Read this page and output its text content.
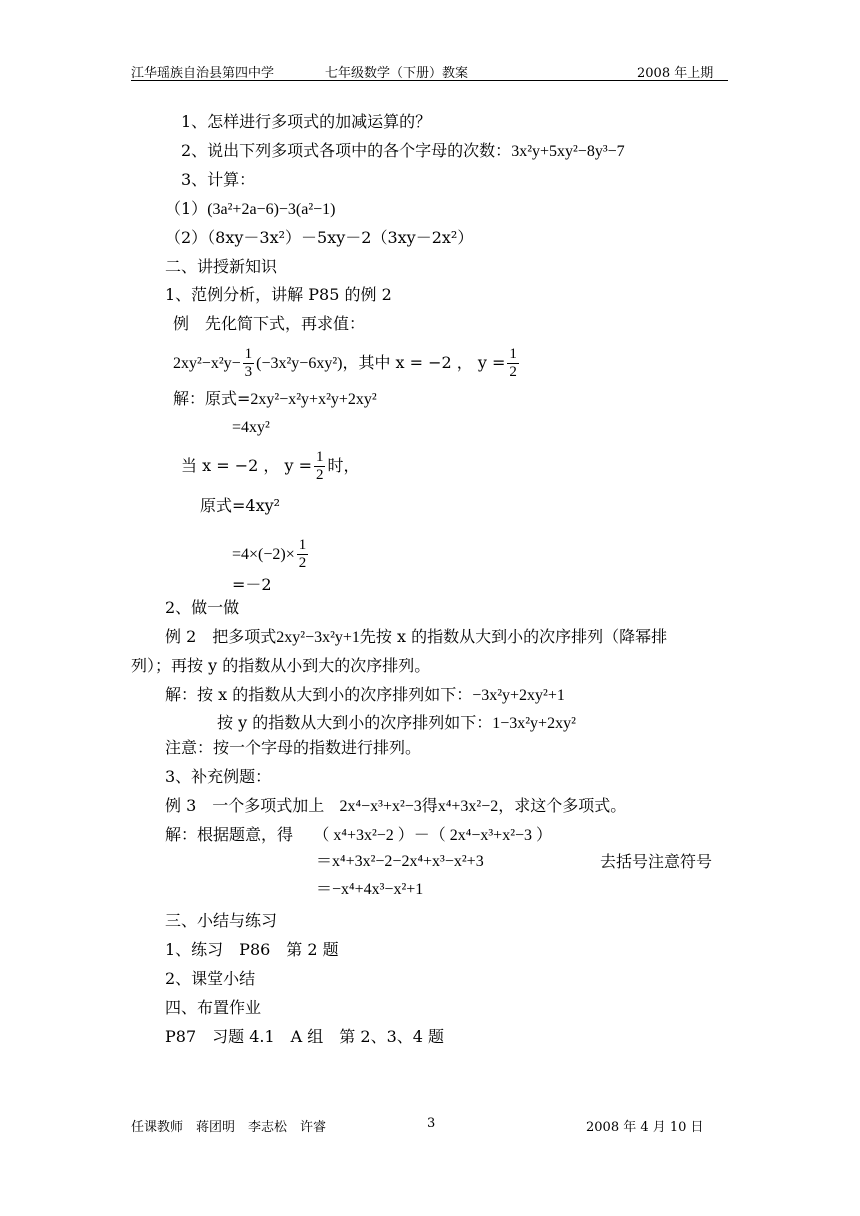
江华瑶族自治县第四中学	七年级数学（下册）教案	2008 年上期
1、怎样进行多项式的加减运算的？
2、说出下列多项式各项中的各个字母的次数：3x²y+5xy²−8y³−7
3、计算：
（1）(3a²+2a−6)−3(a²−1)
（2）（8xy－3x²）－5xy－2（3xy－2x²）
二、讲授新知识
1、范例分析，讲解 P85 的例 2
例　先化简下式，再求值：
$2xy^2-x^2y- \frac{1}{3} (-3x^2y-6xy^2)$，其中 x = −2 ， $y = \frac{1}{2}$
解：原式=2xy²−x²y+x²y+2xy²
=4xy²
当 x = −2 ， $y = \frac{1}{2}$ 时，
原式=4xy²
$=4\times(-2)\times \frac{1}{2}$
=－2
2、做一做
例 2　把多项式2xy²−3x²y+1先按 x 的指数从大到小的次序排列（降幂排
列）；再按 y 的指数从小到大的次序排列。
解：按 x 的指数从大到小的次序排列如下：−3x²y+2xy²+1
按 y 的指数从大到小的次序排列如下：1−3x²y+2xy²
注意：按一个字母的指数进行排列。
3、补充例题：
例 3　一个多项式加上 2x⁴−x³+x²−3得x⁴+3x²−2，求这个多项式。
解：根据题意，得 （ x⁴+3x²−2 ）－（ 2x⁴−x³+x²−3 ）
＝x⁴+3x²−2−2x⁴+x³−x²+3	去括号注意符号
＝−x⁴+4x³−x²+1
三、小结与练习
1、练习　P86　第 2 题
2、课堂小结
四、布置作业
P87　习题 4.1　A 组　第 2、3、4 题
任课教师　蒋团明　李志松　许睿	3	2008 年 4 月 10 日
